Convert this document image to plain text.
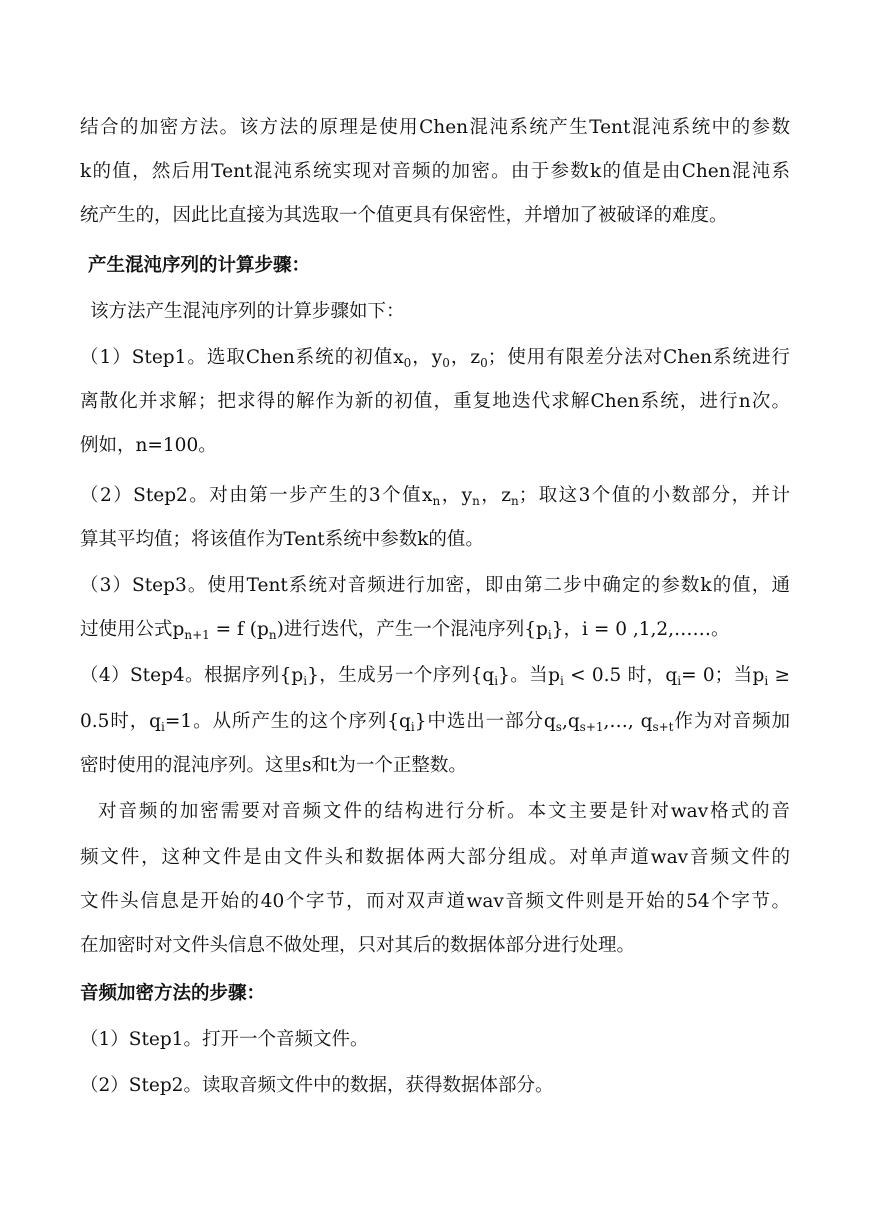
结合的加密方法。该方法的原理是使用Chen混沌系统产生Tent混沌系统中的参数
k的值，然后用Tent混沌系统实现对音频的加密。由于参数k的值是由Chen混沌系
统产生的，因此比直接为其选取一个值更具有保密性，并增加了被破译的难度。
产生混沌序列的计算步骤：
该方法产生混沌序列的计算步骤如下：
（1）Step1。选取Chen系统的初值$x_0$，$y_0$，$z_0$；使用有限差分法对Chen系统进行
离散化并求解；把求得的解作为新的初值，重复地迭代求解Chen系统，进行n次。
例如，n=100。
（2）Step2。对由第一步产生的3个值$x_n$，$y_n$，$z_n$；取这3个值的小数部分，并计
算其平均值；将该值作为Tent系统中参数k的值。
（3）Step3。使用Tent系统对音频进行加密，即由第二步中确定的参数k的值，通
过使用公式$p_{n+1} = f$ $(p_n)$进行迭代，产生一个混沌序列$\{p_i\}$，i = 0 ,1,2,……。
（4）Step4。根据序列$\{p_i\}$，生成另一个序列$\{q_i\}$。当$p_i < 0.5$ 时，$q_i= 0$；当$p_i$ ≥
0.5时，$q_i=1$。从所产生的这个序列$\{q_i\}$中选出一部分$q_s,q_{s+1},\dots$, $q_{s+t}$作为对音频加
密时使用的混沌序列。这里s和t为一个正整数。
对音频的加密需要对音频文件的结构进行分析。本文主要是针对wav格式的音
频文件，这种文件是由文件头和数据体两大部分组成。对单声道wav音频文件的
文件头信息是开始的40个字节，而对双声道wav音频文件则是开始的54个字节。
在加密时对文件头信息不做处理，只对其后的数据体部分进行处理。
音频加密方法的步骤：
（1）Step1。打开一个音频文件。
（2）Step2。读取音频文件中的数据，获得数据体部分。
